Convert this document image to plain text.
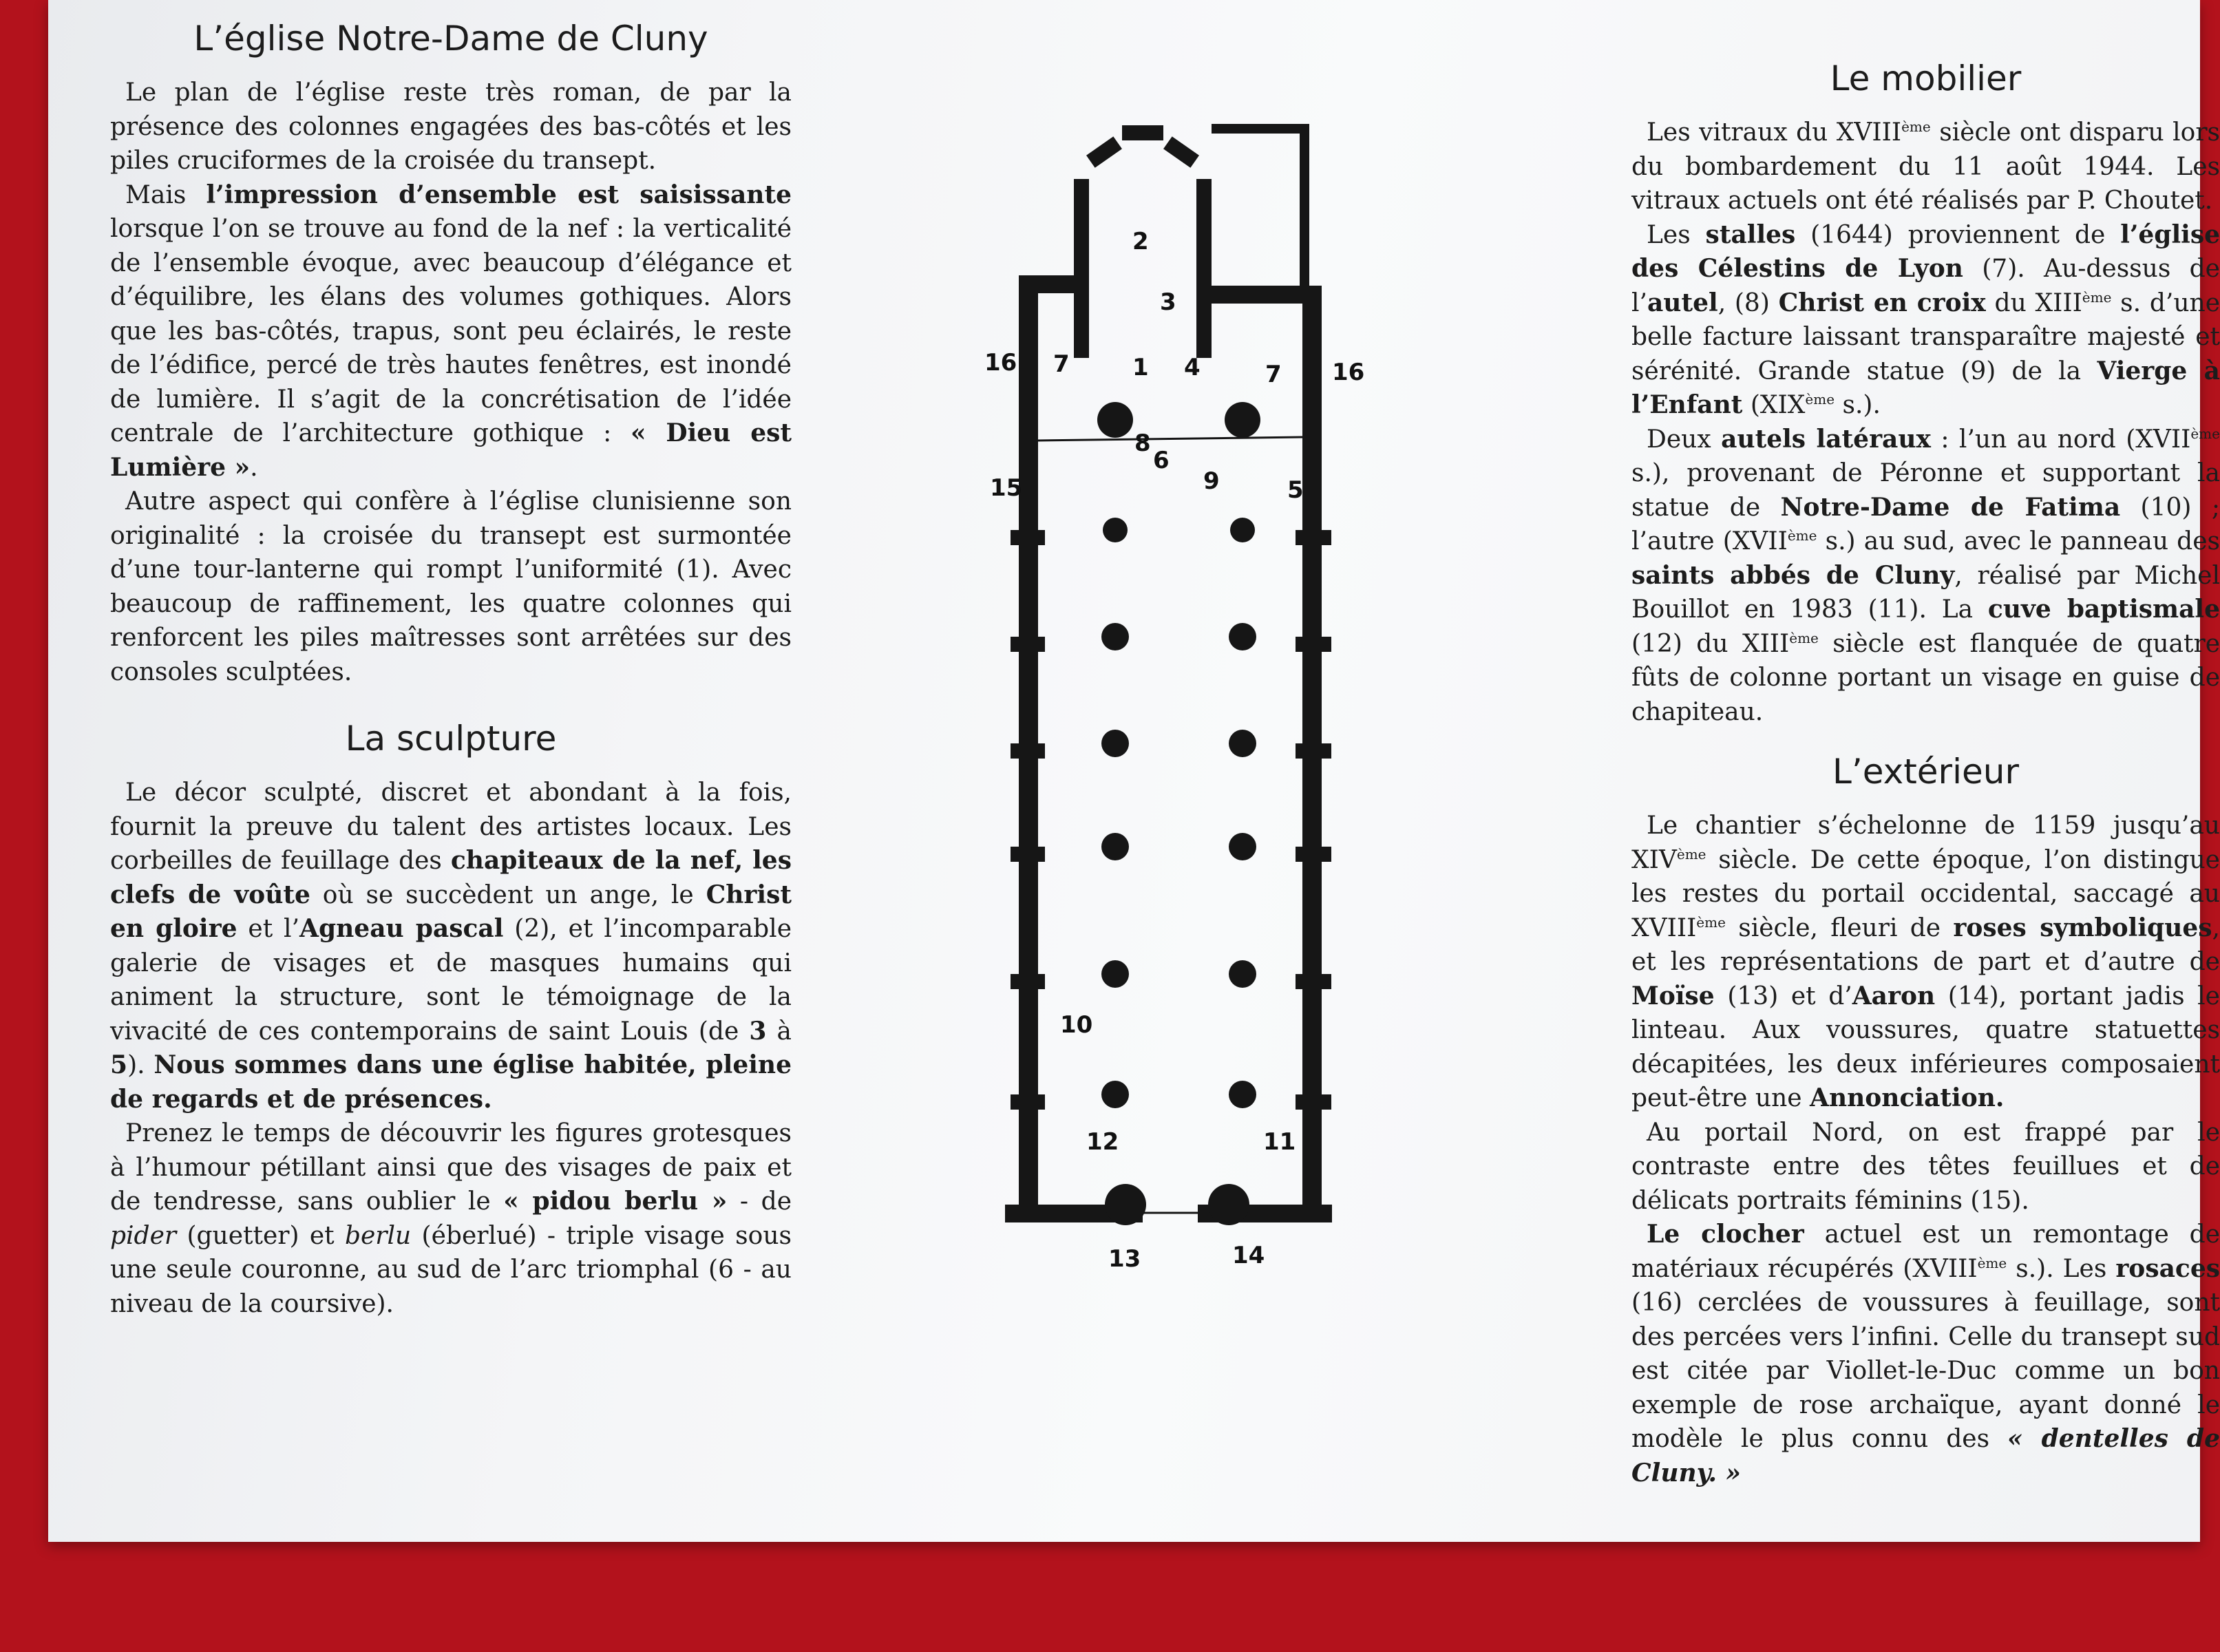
L’église Notre-Dame de Cluny

Le plan de l’église reste très roman, de par la présence des colonnes engagées des bas-côtés et les piles cruciformes de la croisée du transept.

Mais l’impression d’ensemble est saisissante lorsque l’on se trouve au fond de la nef : la verticalité de l’ensemble évoque, avec beaucoup d’élégance et d’équilibre, les élans des volumes gothiques. Alors que les bas-côtés, trapus, sont peu éclairés, le reste de l’édifice, percé de très hautes fenêtres, est inondé de lumière. Il s’agit de la concrétisation de l’idée centrale de l’architecture gothique : « Dieu est Lumière ».

Autre aspect qui confère à l’église clunisienne son originalité : la croisée du transept est surmontée d’une tour-lanterne qui rompt l’uniformité (1). Avec beaucoup de raffinement, les quatre colonnes qui renforcent les piles maîtresses sont arrêtées sur des consoles sculptées.

La sculpture

Le décor sculpté, discret et abondant à la fois, fournit la preuve du talent des artistes locaux. Les corbeilles de feuillage des chapiteaux de la nef, les clefs de voûte où se succèdent un ange, le Christ en gloire et l’Agneau pascal (2), et l’incomparable galerie de visages et de masques humains qui animent la structure, sont le témoignage de la vivacité de ces contemporains de saint Louis (de 3 à 5). Nous sommes dans une église habitée, pleine de regards et de présences.

Prenez le temps de découvrir les figures grotesques à l’humour pétillant ainsi que des visages de paix et de tendresse, sans oublier le « pidou berlu » - de pider (guetter) et berlu (éberlué) - triple visage sous une seule couronne, au sud de l’arc triomphal (6 - au niveau de la coursive).

1
2
3
4
5
6
7	7
8
9
10
11
12
13	14
15
16	16
Le mobilier

Les vitraux du XVIIIème siècle ont disparu lors du bombardement du 11 août 1944. Les vitraux actuels ont été réalisés par P. Choutet.

Les stalles (1644) proviennent de l’église des Célestins de Lyon (7). Au-dessus de l’autel, (8) Christ en croix du XIIIème s. d’une belle facture laissant transparaître majesté et sérénité. Grande statue (9) de la Vierge à l’Enfant (XIXème s.).

Deux autels latéraux : l’un au nord (XVIIème s.), provenant de Péronne et supportant la statue de Notre-Dame de Fatima (10) ; l’autre (XVIIème s.) au sud, avec le panneau des saints abbés de Cluny, réalisé par Michel Bouillot en 1983 (11). La cuve baptismale (12) du XIIIème siècle est flanquée de quatre fûts de colonne portant un visage en guise de chapiteau.

L’extérieur

Le chantier s’échelonne de 1159 jusqu’au XIVème siècle. De cette époque, l’on distingue les restes du portail occidental, saccagé au XVIIIème siècle, fleuri de roses symboliques, et les représentations de part et d’autre de Moïse (13) et d’Aaron (14), portant jadis le linteau. Aux voussures, quatre statuettes décapitées, les deux inférieures composaient peut-être une Annonciation.

Au portail Nord, on est frappé par le contraste entre des têtes feuillues et de délicats portraits féminins (15).

Le clocher actuel est un remontage de matériaux récupérés (XVIIIème s.). Les rosaces (16) cerclées de voussures à feuillage, sont des percées vers l’infini. Celle du transept sud est citée par Viollet-le-Duc comme un bon exemple de rose archaïque, ayant donné le modèle le plus connu des « dentelles de Cluny. »
